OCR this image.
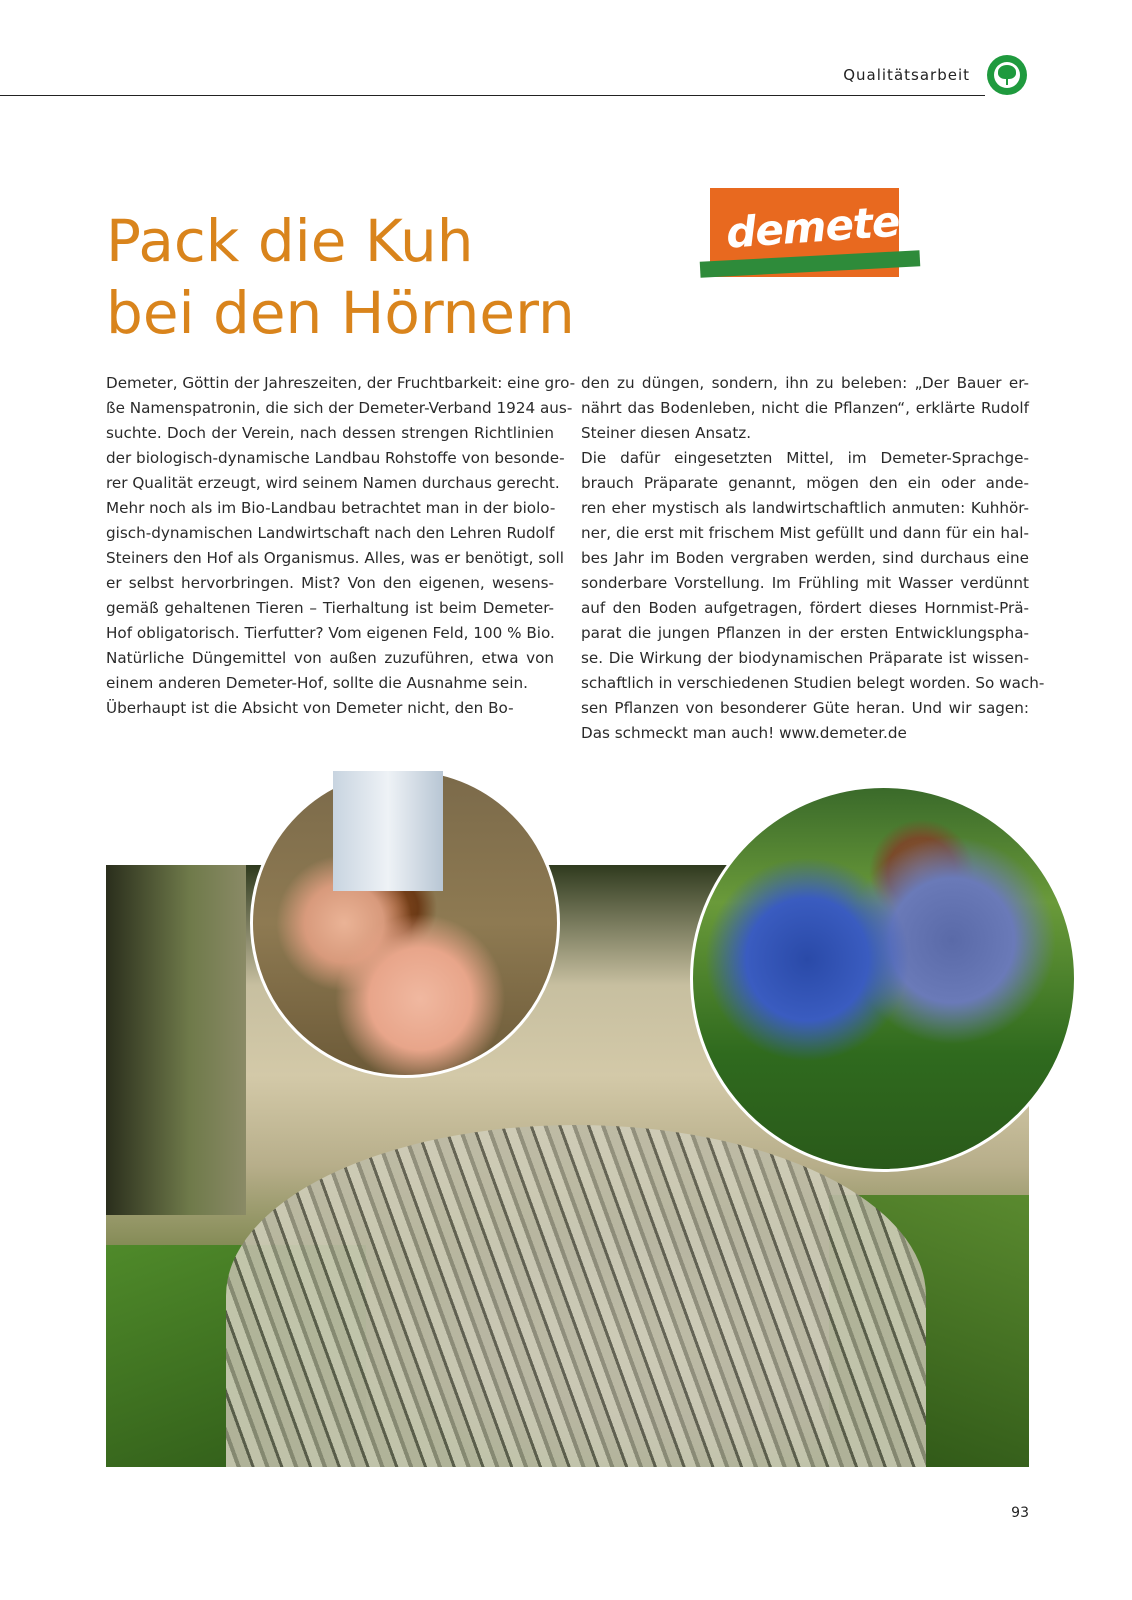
Qualitätsarbeit
Pack die Kuh
bei den Hörnern
demeter
Demeter, Göttin der Jahreszeiten, der Fruchtbarkeit: eine gro-
ße Namenspatronin, die sich der Demeter-Verband 1924 aus-
suchte. Doch der Verein, nach dessen strengen Richtlinien
der biologisch-dynamische Landbau Rohstoffe von besonde-
rer Qualität erzeugt, wird seinem Namen durchaus gerecht.
Mehr noch als im Bio-Landbau betrachtet man in der biolo-
gisch-dynamischen Landwirtschaft nach den Lehren Rudolf
Steiners den Hof als Organismus. Alles, was er benötigt, soll
er selbst hervorbringen. Mist? Von den eigenen, wesens-
gemäß gehaltenen Tieren – Tierhaltung ist beim Demeter-
Hof obligatorisch. Tierfutter? Vom eigenen Feld, 100 % Bio.
Natürliche Düngemittel von außen zuzuführen, etwa von
einem anderen Demeter-Hof, sollte die Ausnahme sein.
Überhaupt ist die Absicht von Demeter nicht, den Bo-
den zu düngen, sondern, ihn zu beleben: „Der Bauer er-
nährt das Bodenleben, nicht die Pflanzen“, erklärte Rudolf
Steiner diesen Ansatz.
Die dafür eingesetzten Mittel, im Demeter-Sprachge-
brauch Präparate genannt, mögen den ein oder ande-
ren eher mystisch als landwirtschaftlich anmuten: Kuhhör-
ner, die erst mit frischem Mist gefüllt und dann für ein hal-
bes Jahr im Boden vergraben werden, sind durchaus eine
sonderbare Vorstellung. Im Frühling mit Wasser verdünnt
auf den Boden aufgetragen, fördert dieses Hornmist-Prä-
parat die jungen Pflanzen in der ersten Entwicklungspha-
se. Die Wirkung der biodynamischen Präparate ist wissen-
schaftlich in verschiedenen Studien belegt worden. So wach-
sen Pflanzen von besonderer Güte heran. Und wir sagen:
Das schmeckt man auch! www.demeter.de
93
